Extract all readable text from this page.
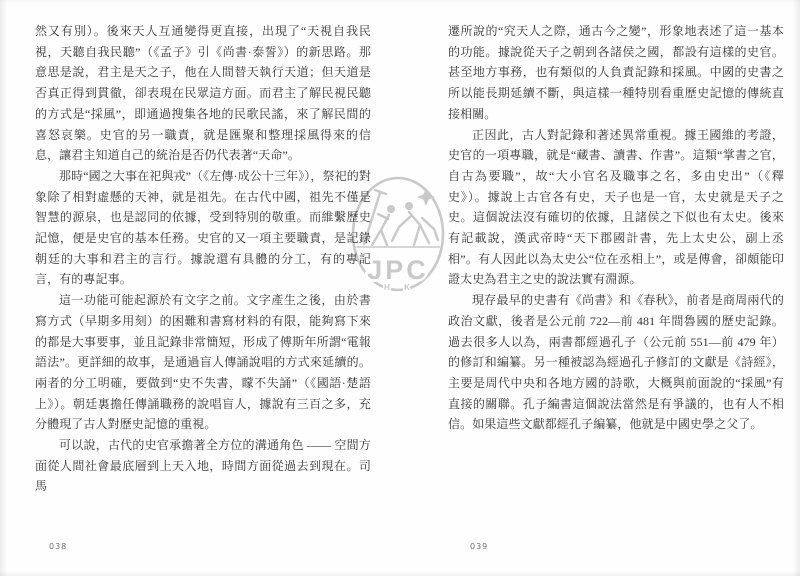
JPC
H K

然又有別）。後來天人互通變得更直接，出現了“天視自我民視，天聽自我民聽”（《孟子》引《尚書·泰誓》）的新思路。那意思是說，君主是天之子，他在人間替天執行天道；但天道是否真正得到貫徹，卻表現在民眾這方面。而君主了解民視民聽的方式是“採風”，即通過搜集各地的民歌民謠，來了解民間的喜怒哀樂。史官的另一職責，就是匯聚和整理採風得來的信息，讓君主知道自己的統治是否仍代表著“天命”。

那時“國之大事在祀與戎”（《左傳·成公十三年》），祭祀的對象除了相對虛懸的天神，就是祖先。在古代中國，祖先不僅是智慧的源泉，也是認同的依據，受到特別的敬重。而維繫歷史記憶，便是史官的基本任務。史官的又一項主要職責，是記錄朝廷的大事和君主的言行。據說還有具體的分工，有的專記言，有的專記事。

這一功能可能起源於有文字之前。文字產生之後，由於書寫方式（早期多用刻）的困難和書寫材料的有限，能夠寫下來的都是大事要事，並且記錄非常簡短，形成了傅斯年所謂“電報語法”。更詳細的故事，是通過盲人傳誦說唱的方式來延續的。兩者的分工明確，要做到“史不失書，矇不失誦”（《國語·楚語上》）。朝廷裏擔任傳誦職務的說唱盲人，據說有三百之多，充分體現了古人對歷史記憶的重視。

可以說，古代的史官承擔著全方位的溝通角色 —— 空間方面從人間社會最底層到上天入地，時間方面從過去到現在。司馬

遷所說的“究天人之際，通古今之變”，形象地表述了這一基本的功能。據說從天子之朝到各諸侯之國，都設有這樣的史官。甚至地方事務，也有類似的人負責記錄和採風。中國的史書之所以能長期延續不斷，與這樣一種特別看重歷史記憶的傳統直接相關。

正因此，古人對記錄和著述異常重視。據王國維的考證，史官的一項專職，就是“藏書、讀書、作書”。這類“掌書之官，自古為要職”，故“大小官名及職事之名，多由史出”（《釋史》）。據說上古官各有史，天子也是一官，太史就是天子之史。這個說法沒有確切的依據，且諸侯之下似也有太史。後來有記載說，漢武帝時“天下郡國計書，先上太史公，副上丞相”。有人因此以為太史公“位在丞相上”，或是傅會，卻頗能印證太史為君主之史的說法實有淵源。

現存最早的史書有《尚書》和《春秋》，前者是商周兩代的政治文獻，後者是公元前 722—前 481 年間魯國的歷史記錄。過去很多人以為，兩書都經過孔子（公元前 551—前 479 年）的修訂和編纂。另一種被認為經過孔子修訂的文獻是《詩經》，主要是周代中央和各地方國的詩歌，大概與前面說的“採風”有直接的關聯。孔子編書這個說法當然是有爭議的，也有人不相信。如果這些文獻都經孔子編纂，他就是中國史學之父了。

038	039
